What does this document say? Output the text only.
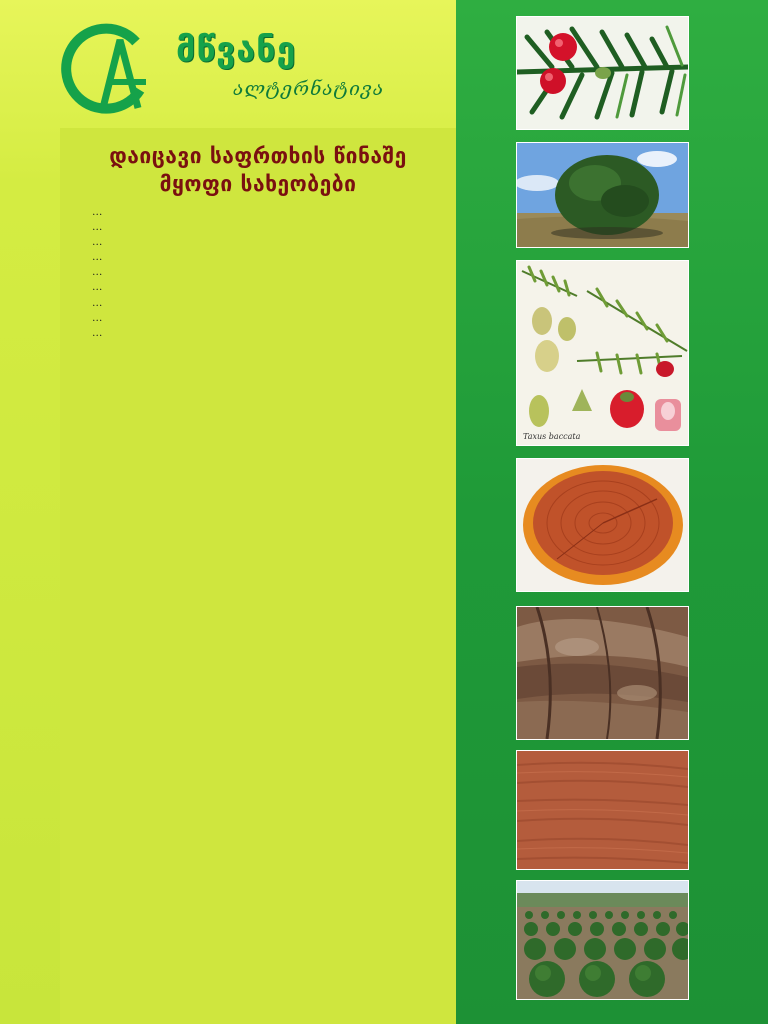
მწვანე
ალტერნატივა
დაიცავი საფრთხის წინაშე მყოფი სახეობები

…

…

…

…

…

…

…

…

…

Taxus baccata
